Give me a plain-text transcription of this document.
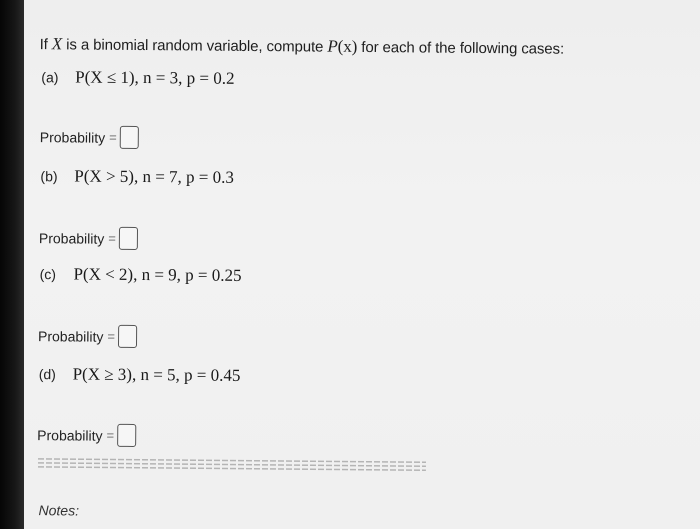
If X is a binomial random variable, compute P(x) for each of the following cases:
(a) P(X ≤ 1), n = 3, p = 0.2
Probability =
(b) P(X > 5), n = 7, p = 0.3
Probability =
(c) P(X < 2), n = 9, p = 0.25
Probability =
(d) P(X ≥ 3), n = 5, p = 0.45
Probability =
Notes:
